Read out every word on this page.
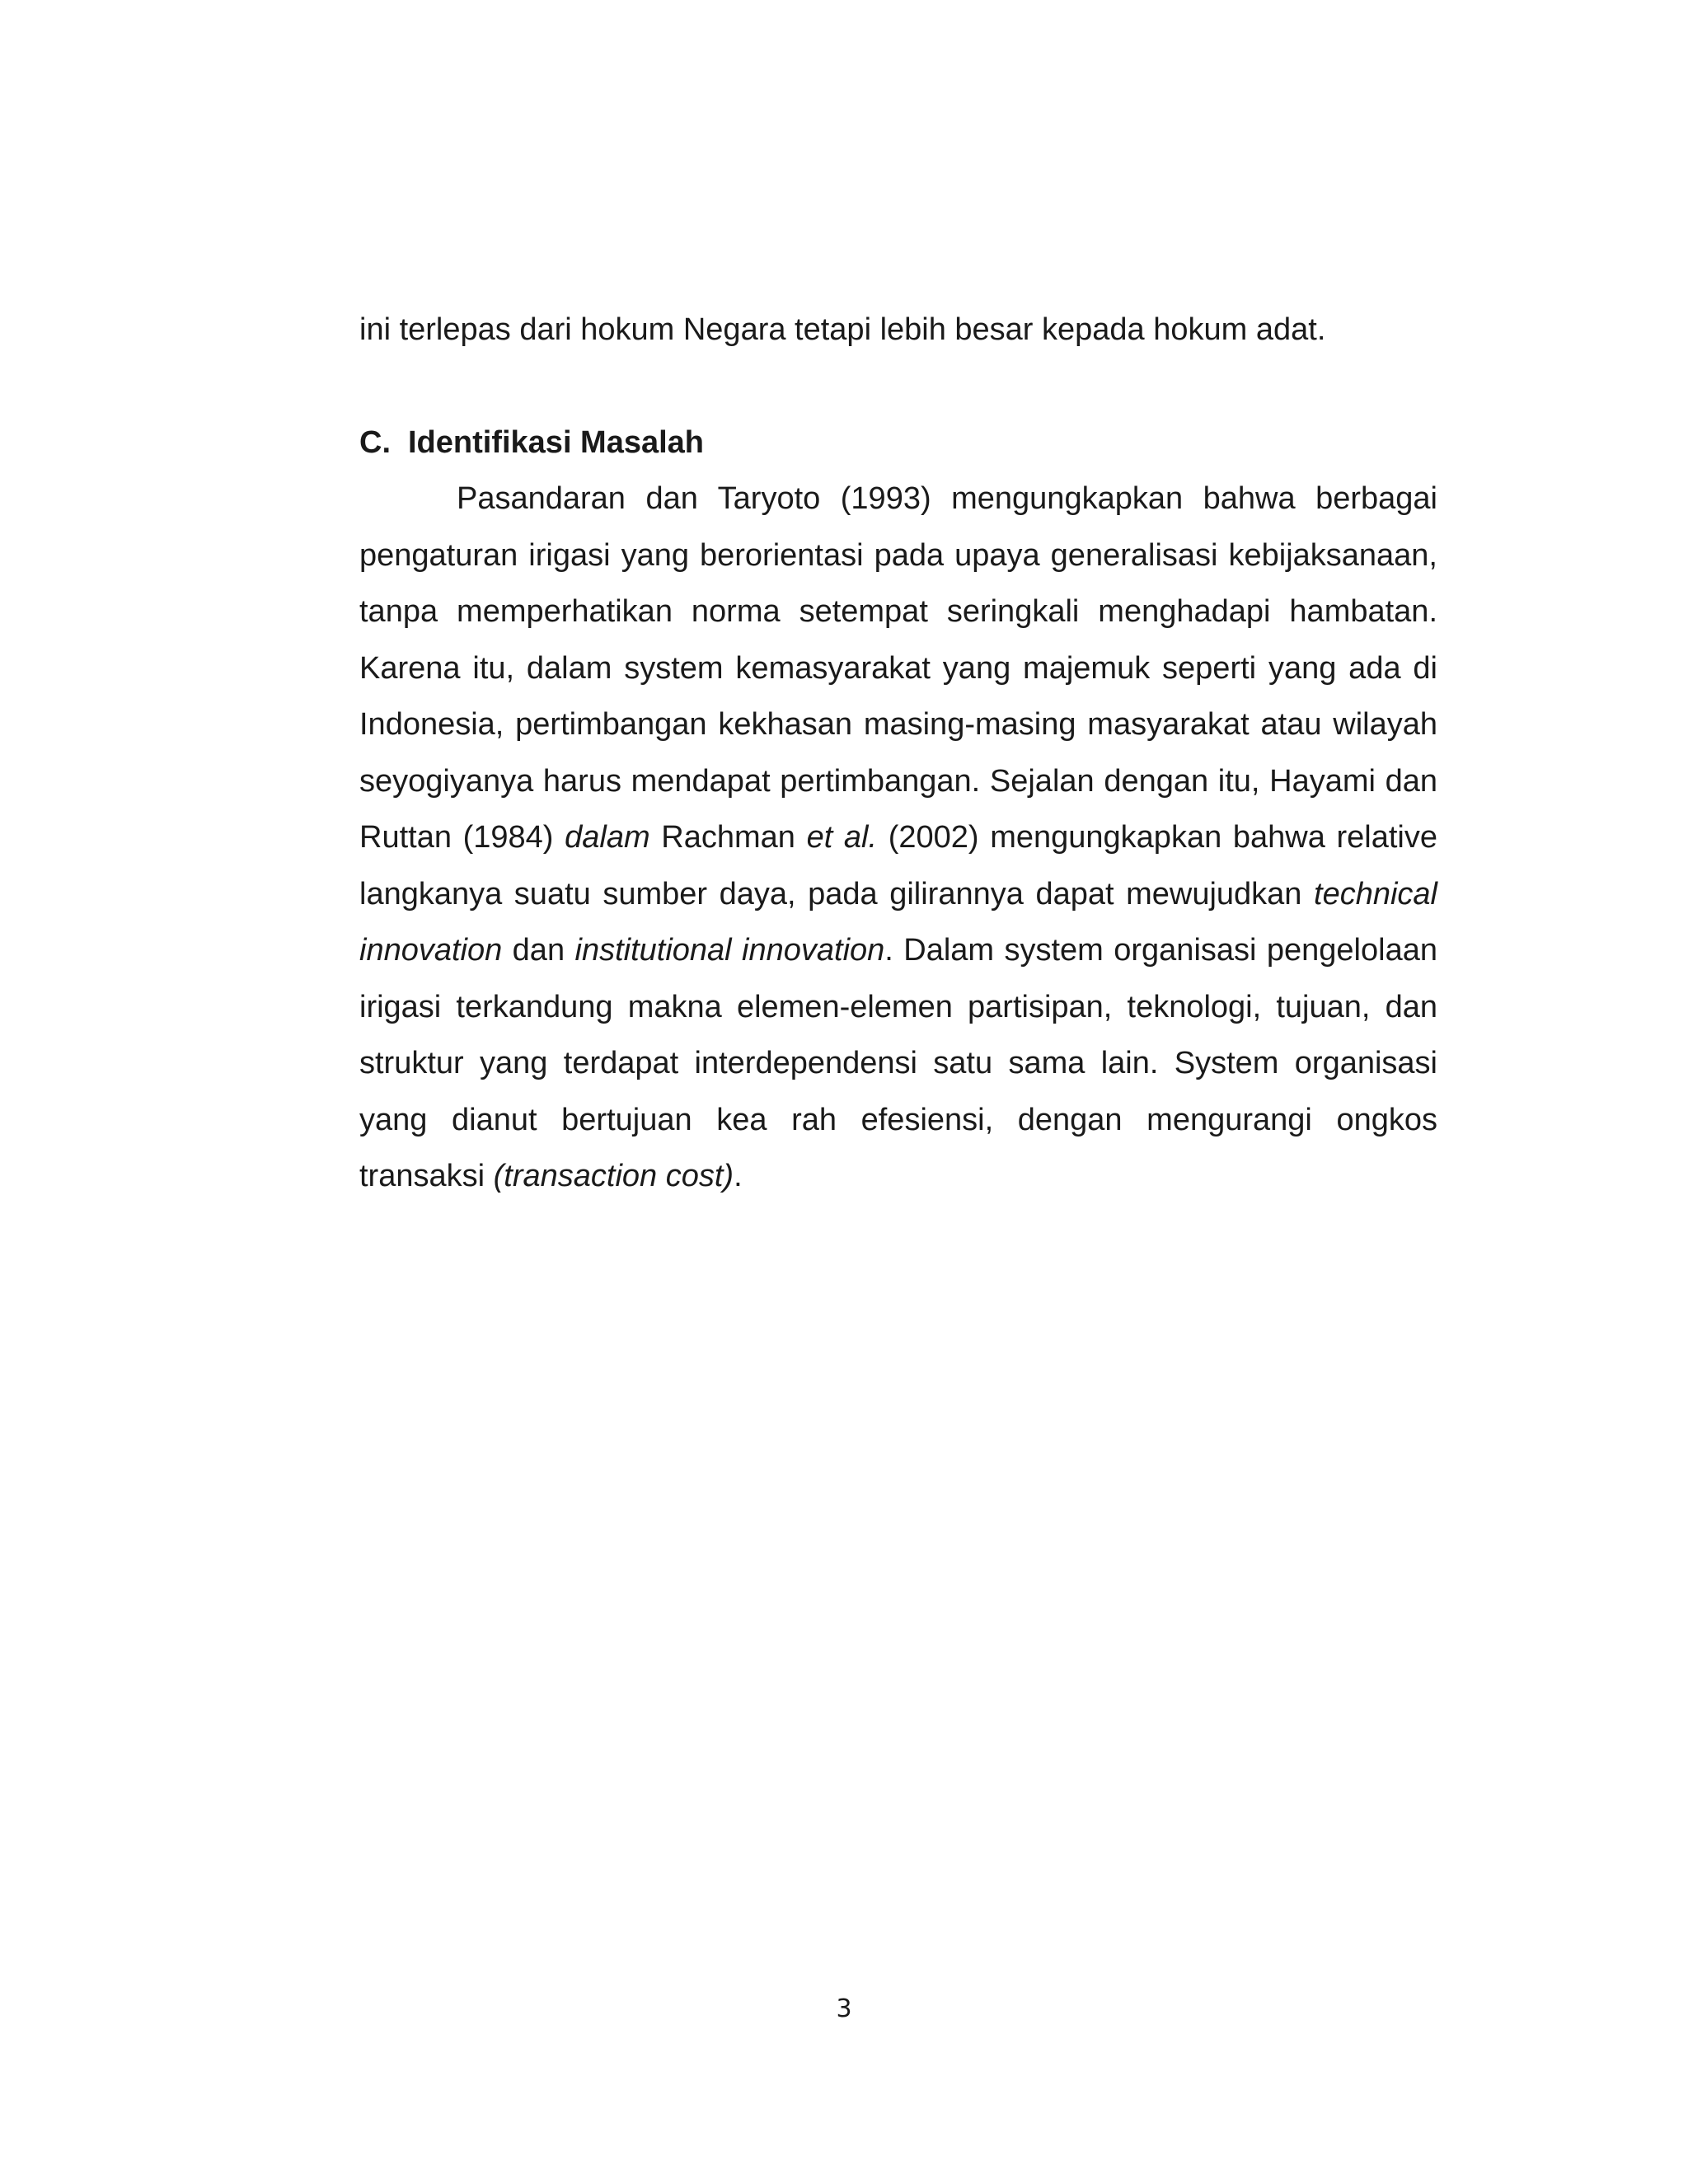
ini terlepas dari hokum Negara tetapi lebih besar kepada hokum adat.
C. Identifikasi Masalah

Pasandaran dan Taryoto (1993) mengungkapkan bahwa berbagai pengaturan irigasi yang berorientasi pada upaya generalisasi kebijaksanaan, tanpa memperhatikan norma setempat seringkali menghadapi hambatan. Karena itu, dalam system kemasyarakat yang majemuk seperti yang ada di Indonesia, pertimbangan kekhasan masing-masing masyarakat atau wilayah seyogiyanya harus mendapat pertimbangan. Sejalan dengan itu, Hayami dan Ruttan (1984) dalam Rachman et al. (2002) mengungkapkan bahwa relative langkanya suatu sumber daya, pada gilirannya dapat mewujudkan technical innovation dan institutional innovation. Dalam system organisasi pengelolaan irigasi terkandung makna elemen-elemen partisipan, teknologi, tujuan, dan struktur yang terdapat interdependensi satu sama lain. System organisasi yang dianut bertujuan kea rah efesiensi, dengan mengurangi ongkos transaksi (transaction cost).

3
